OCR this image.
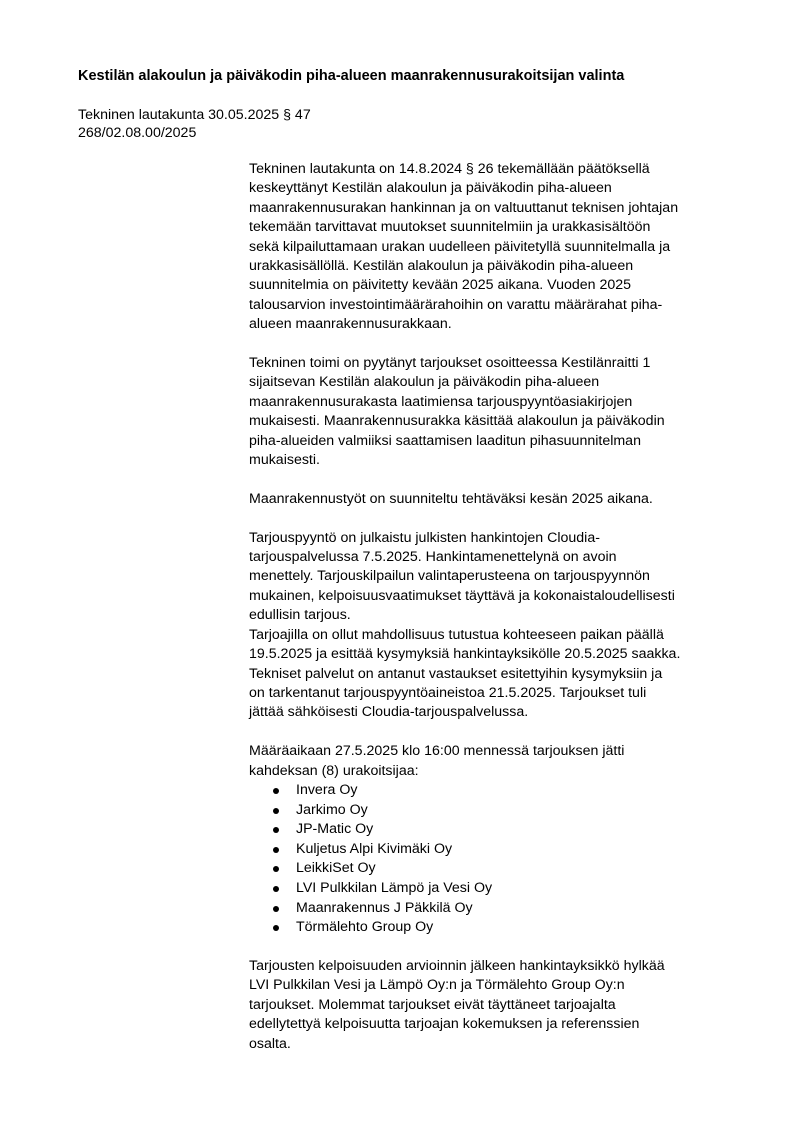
Kestilän alakoulun ja päiväkodin piha-alueen maanrakennusurakoitsijan valinta
Tekninen lautakunta 30.05.2025 § 47
268/02.08.00/2025

Tekninen lautakunta on 14.8.2024 § 26 tekemällään päätöksellä
keskeyttänyt Kestilän alakoulun ja päiväkodin piha-alueen
maanrakennusurakan hankinnan ja on valtuuttanut teknisen johtajan
tekemään tarvittavat muutokset suunnitelmiin ja urakkasisältöön
sekä kilpailuttamaan urakan uudelleen päivitetyllä suunnitelmalla ja
urakkasisällöllä. Kestilän alakoulun ja päiväkodin piha-alueen
suunnitelmia on päivitetty kevään 2025 aikana. Vuoden 2025
talousarvion investointimäärärahoihin on varattu määrärahat piha-
alueen maanrakennusurakkaan.

Tekninen toimi on pyytänyt tarjoukset osoitteessa Kestilänraitti 1
sijaitsevan Kestilän alakoulun ja päiväkodin piha-alueen
maanrakennusurakasta laatimiensa tarjouspyyntöasiakirjojen
mukaisesti. Maanrakennusurakka käsittää alakoulun ja päiväkodin
piha-alueiden valmiiksi saattamisen laaditun pihasuunnitelman
mukaisesti.

Maanrakennustyöt on suunniteltu tehtäväksi kesän 2025 aikana.

Tarjouspyyntö on julkaistu julkisten hankintojen Cloudia-
tarjouspalvelussa 7.5.2025. Hankintamenettelynä on avoin
menettely. Tarjouskilpailun valintaperusteena on tarjouspyynnön
mukainen, kelpoisuusvaatimukset täyttävä ja kokonaistaloudellisesti
edullisin tarjous.
Tarjoajilla on ollut mahdollisuus tutustua kohteeseen paikan päällä
19.5.2025 ja esittää kysymyksiä hankintayksikölle 20.5.2025 saakka.
Tekniset palvelut on antanut vastaukset esitettyihin kysymyksiin ja
on tarkentanut tarjouspyyntöaineistoa 21.5.2025. Tarjoukset tuli
jättää sähköisesti Cloudia-tarjouspalvelussa.

Määräaikaan 27.5.2025 klo 16:00 mennessä tarjouksen jätti
kahdeksan (8) urakoitsijaa:

Invera Oy
Jarkimo Oy
JP-Matic Oy
Kuljetus Alpi Kivimäki Oy
LeikkiSet Oy
LVI Pulkkilan Lämpö ja Vesi Oy
Maanrakennus J Päkkilä Oy
Törmälehto Group Oy

Tarjousten kelpoisuuden arvioinnin jälkeen hankintayksikkö hylkää
LVI Pulkkilan Vesi ja Lämpö Oy:n ja Törmälehto Group Oy:n
tarjoukset. Molemmat tarjoukset eivät täyttäneet tarjoajalta
edellytettyä kelpoisuutta tarjoajan kokemuksen ja referenssien
osalta.
